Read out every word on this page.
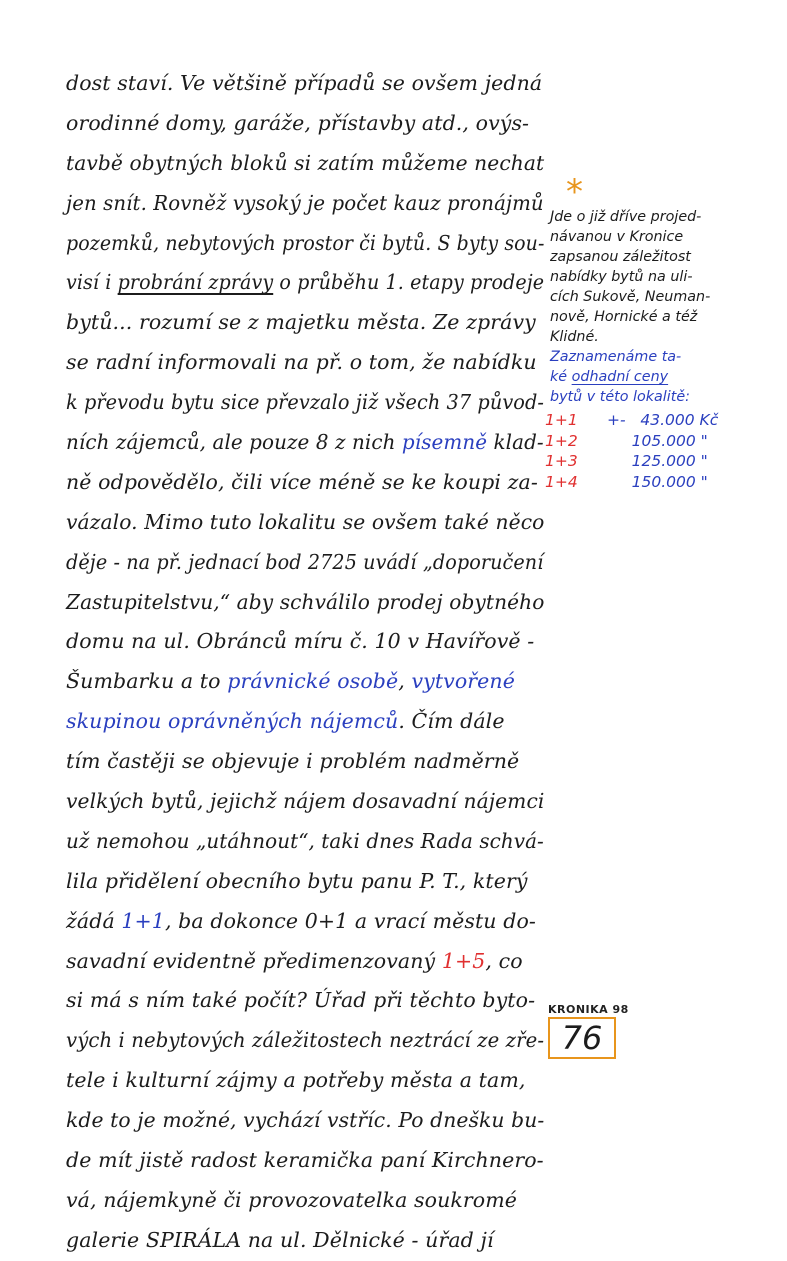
dost staví. Ve většině případů se ovšem jedná
orodinné domy, garáže, přístavby atd., ovýs-
tavbě obytných bloků si zatím můžeme nechat
jen snít. Rovněž vysoký je počet kauz pronájmů
pozemků, nebytových prostor či bytů. S byty sou-
visí i probrání zprávy o průběhu 1. etapy prodeje
bytů... rozumí se z majetku města. Ze zprávy
se radní informovali na př. o tom, že nabídku
k převodu bytu sice převzalo již všech 37 původ-
ních zájemců, ale pouze 8 z nich písemně klad-
ně odpovědělo, čili více méně se ke koupi za-
vázalo. Mimo tuto lokalitu se ovšem také něco
děje - na př. jednací bod 2725 uvádí „doporučení
Zastupitelstvu,“ aby schválilo prodej obytného
domu na ul. Obránců míru č. 10 v Havířově -
Šumbarku a to právnické osobě, vytvořené
skupinou oprávněných nájemců. Čím dále
tím častěji se objevuje i problém nadměrně
velkých bytů, jejichž nájem dosavadní nájemci
už nemohou „utáhnout“, taki dnes Rada schvá-
lila přidělení obecního bytu panu P. T., který
žádá 1+1, ba dokonce 0+1 a vrací městu do-
savadní evidentně předimenzovaný 1+5, co
si má s ním také počít? Úřad při těchto byto-
vých i nebytových záležitostech neztrácí ze zře-
tele i kulturní zájmy a potřeby města a tam,
kde to je možné, vychází vstříc. Po dnešku bu-
de mít jistě radost keramička paní Kirchnero-
vá, nájemkyně či provozovatelka soukromé
galerie SPIRÁLA na ul. Dělnické - úřad jí
*
Jde o již dříve projed-
návanou v Kronice
zapsanou záležitost
nabídky bytů na uli-
cích Sukově, Neuman-
nově, Hornické a též
Klidné.
Zaznamenáme ta-
ké odhadní ceny
bytů v této lokalitě:
1+1 +-   43.000 Kč
1+2 105.000 "
1+3 125.000 "
1+4 150.000 "
KRONIKA 98
76
